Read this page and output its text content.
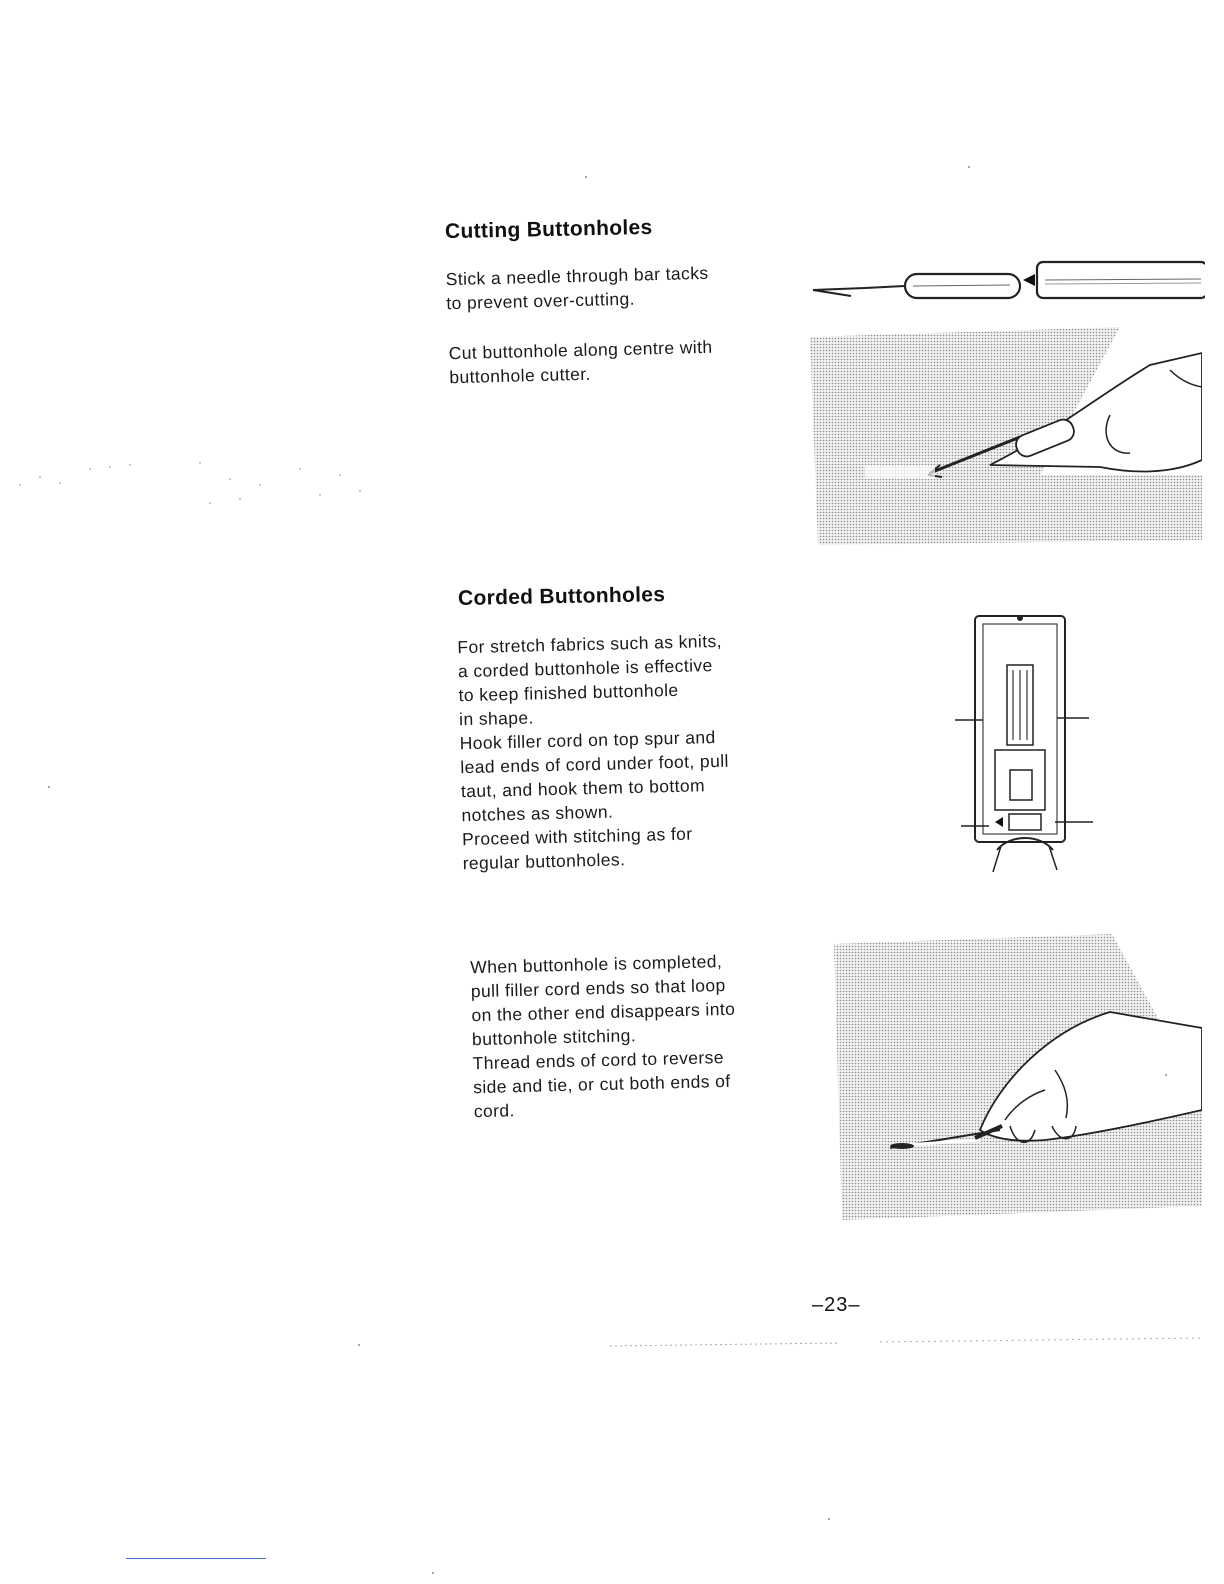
Cutting Buttonholes
Stick a needle through bar tacks
to prevent over-cutting.
Cut buttonhole along centre with
buttonhole cutter.
Corded Buttonholes
For stretch fabrics such as knits,
a corded buttonhole is effective
to keep finished buttonhole
in shape.
Hook filler cord on top spur and
lead ends of cord under foot, pull
taut, and hook them to bottom
notches as shown.
Proceed with stitching as for
regular buttonholes.
When buttonhole is completed,
pull filler cord ends so that loop
on the other end disappears into
buttonhole stitching.
Thread ends of cord to reverse
side and tie, or cut both ends of
cord.
–23–
